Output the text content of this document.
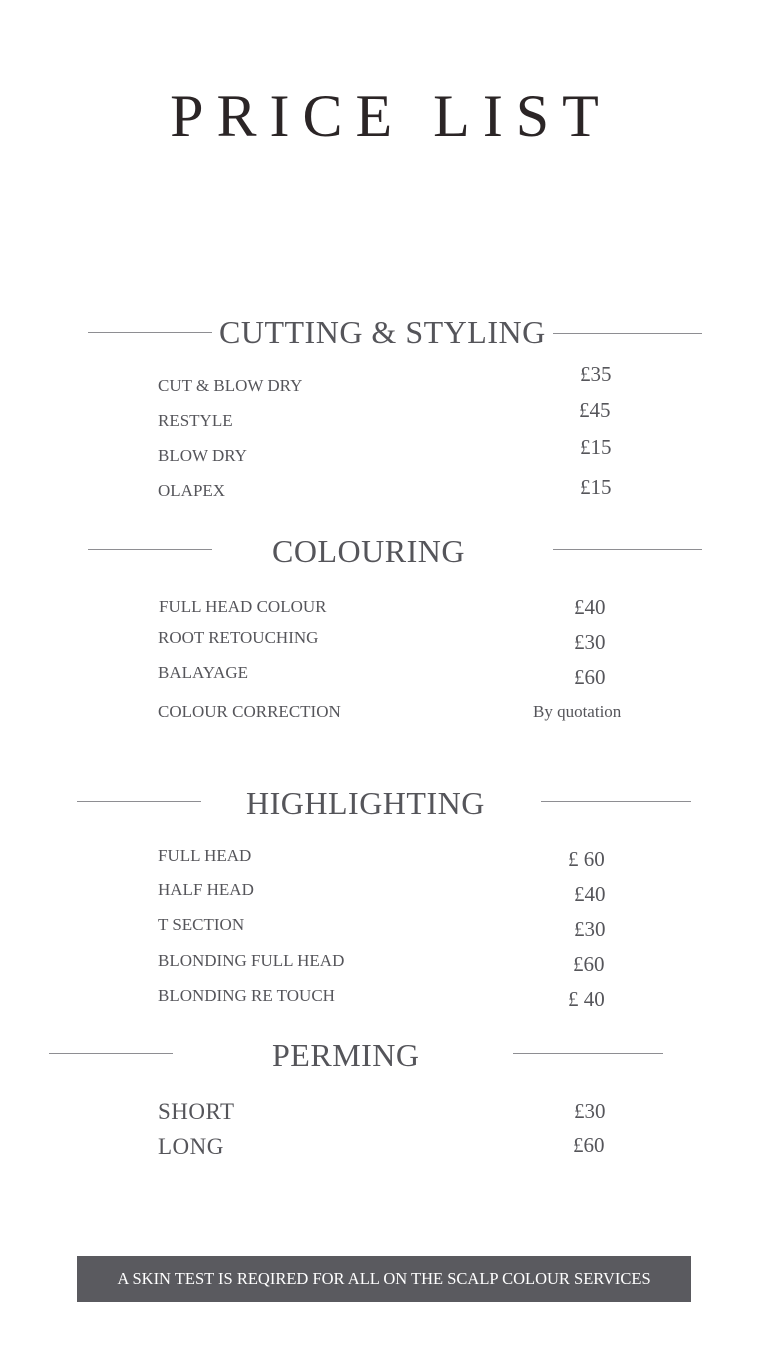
PRICE LIST
CUTTING & STYLING
CUT & BLOW DRY	£35
RESTYLE	£45
BLOW DRY	£15
OLAPEX	£15
COLOURING
FULL HEAD COLOUR	£40
ROOT RETOUCHING	£30
BALAYAGE	£60
COLOUR CORRECTION	By quotation
HIGHLIGHTING
FULL HEAD	£ 60
HALF HEAD	£40
T SECTION	£30
BLONDING FULL HEAD	£60
BLONDING RE TOUCH	£ 40
PERMING
SHORT	£30
LONG	£60
A SKIN TEST IS REQIRED FOR ALL ON THE SCALP COLOUR SERVICES
